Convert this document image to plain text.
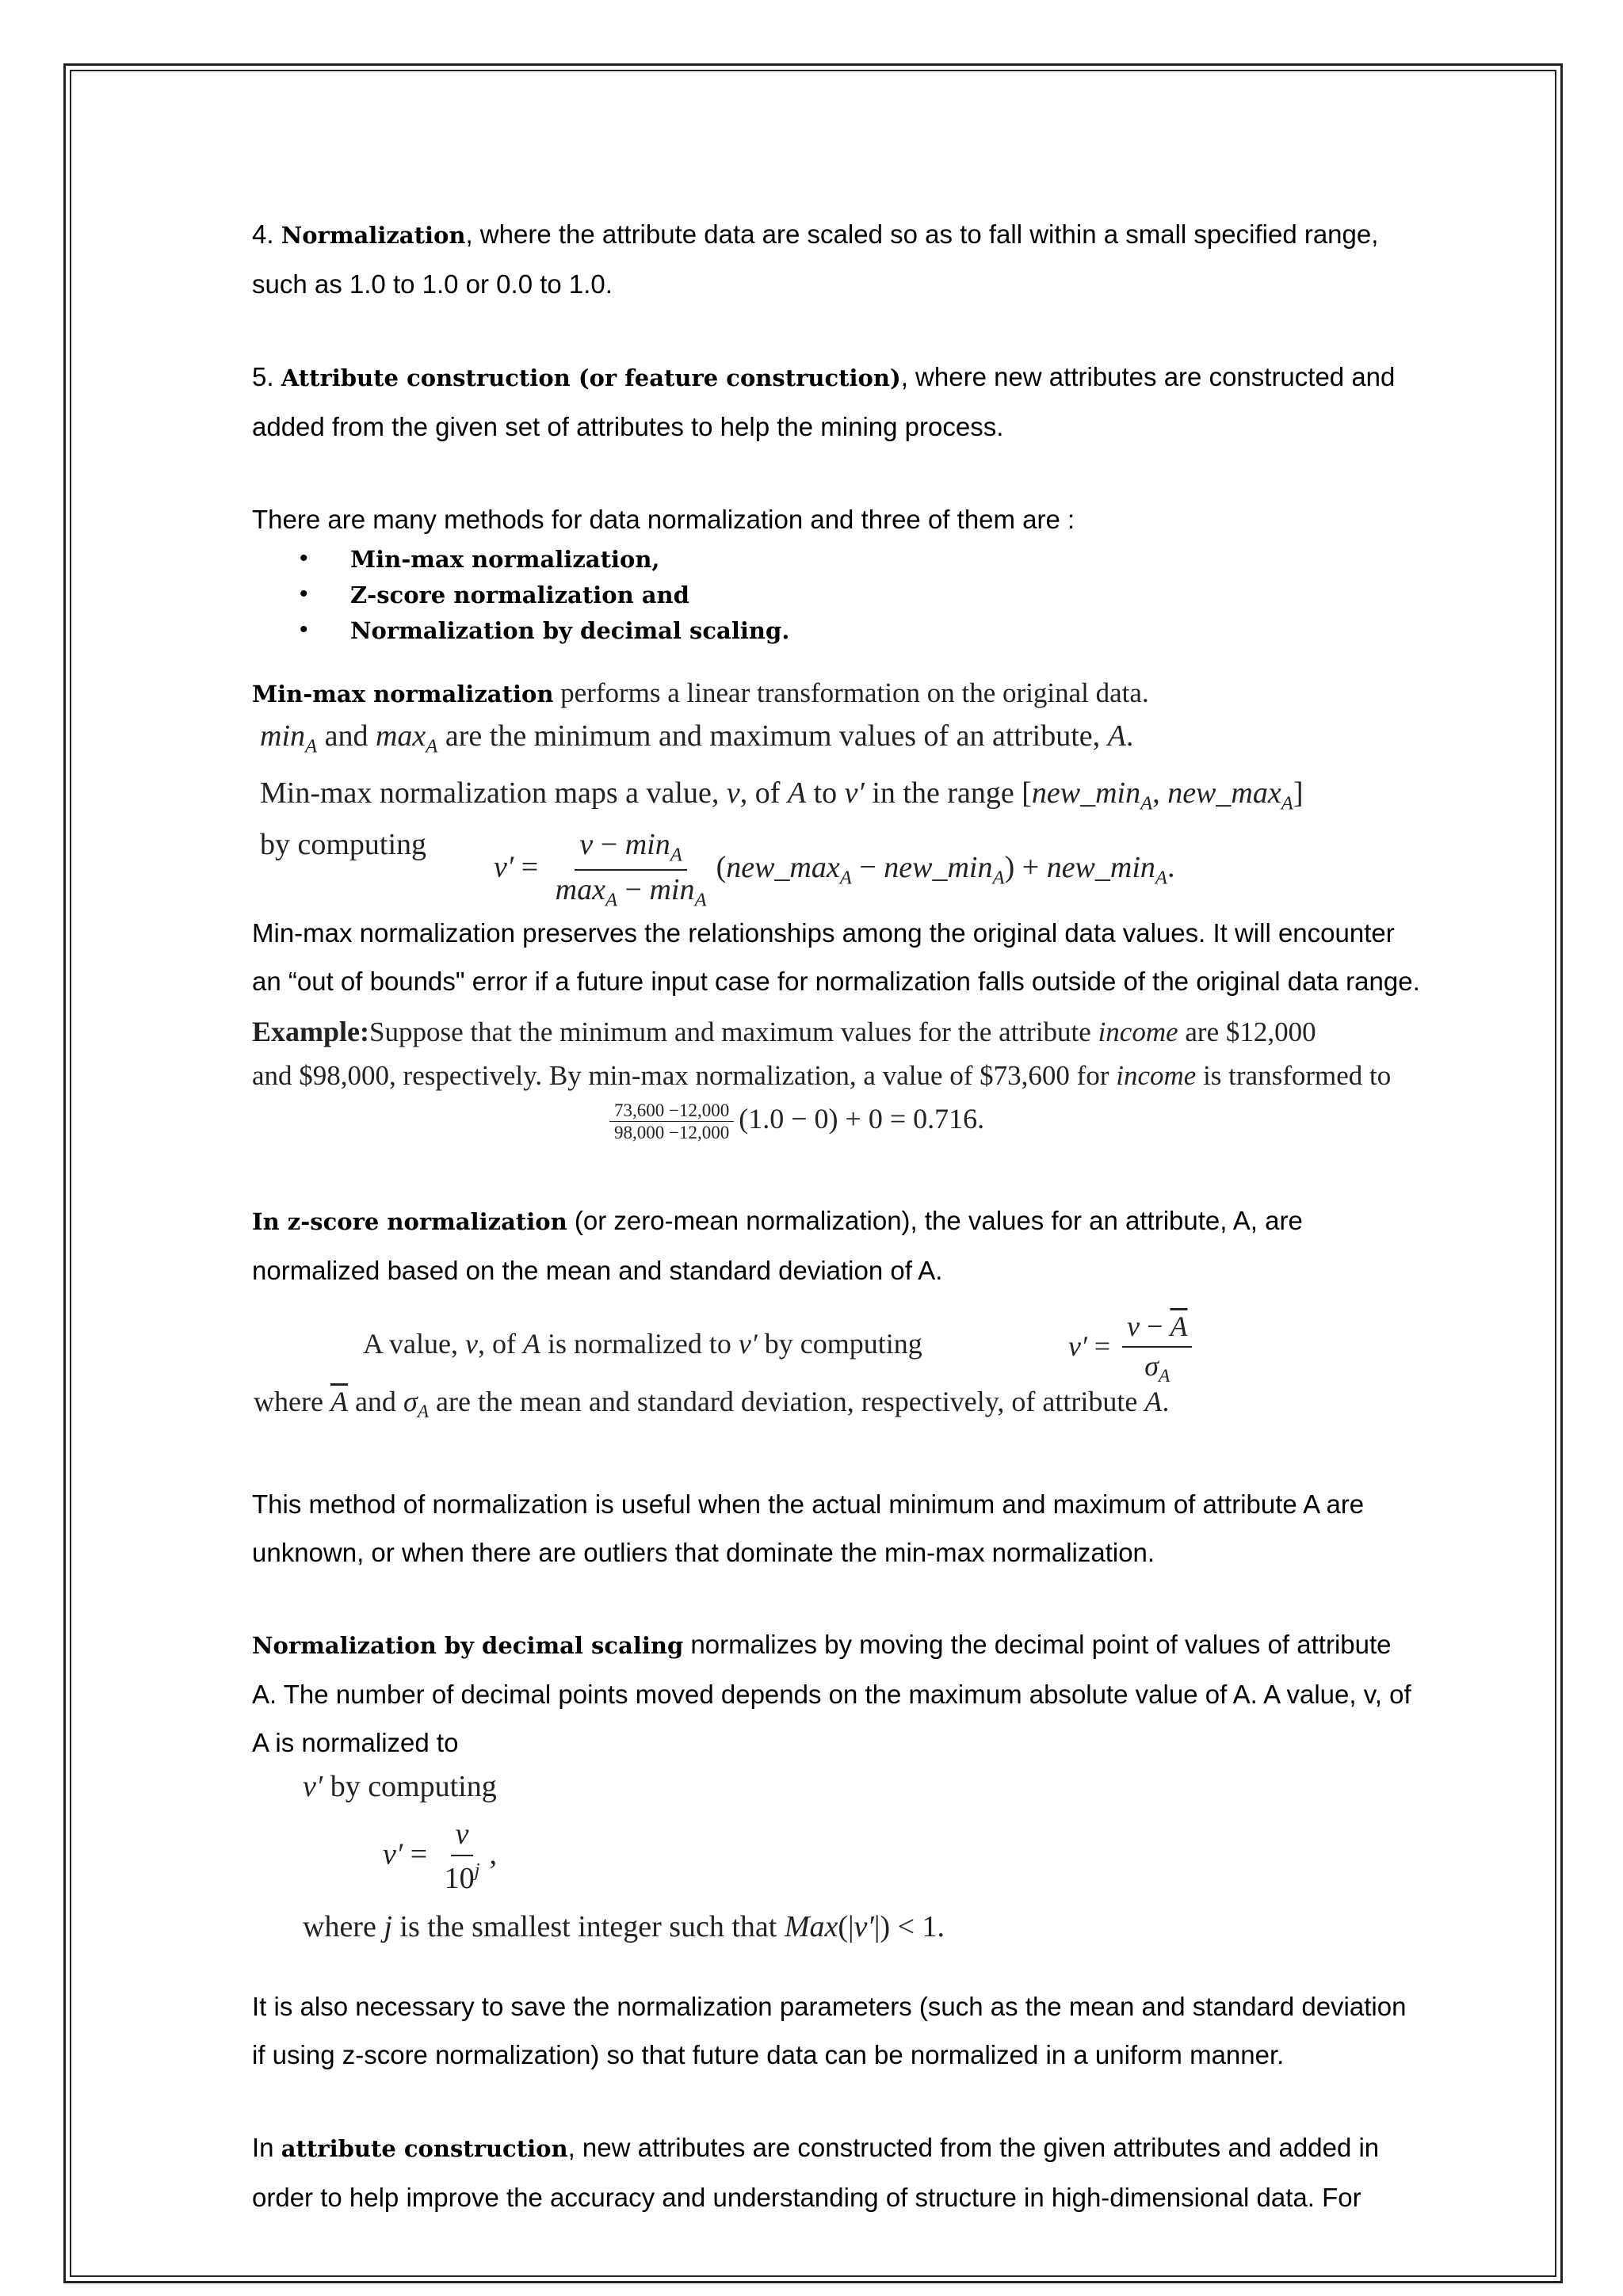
4. Normalization, where the attribute data are scaled so as to fall within a small specified range,

such as 1.0 to 1.0 or 0.0 to 1.0.

5. Attribute construction (or feature construction), where new attributes are constructed and

added from the given set of attributes to help the mining process.

There are many methods for data normalization and three of them are :

• Min-max normalization,
• Z-score normalization and
• Normalization by decimal scaling.

Min-max normalization performs a linear transformation on the original data.

$\min_A$ and $\max_A$ are the minimum and maximum values of an attribute, A.
Min-max normalization maps a value, v, of A to v′ in the range [$new\_\min_A$, $new\_\max_A$]
by computing
$v' = \frac{v - \min_A}{\max_A - \min_A}$ ($new\_\max_A$ − $new\_\min_A$) + $new\_\min_A$.

Min-max normalization preserves the relationships among the original data values. It will encounter

an “out of bounds" error if a future input case for normalization falls outside of the original data range.

Example:Suppose that the minimum and maximum values for the attribute income are $12,000
and $98,000, respectively. By min-max normalization, a value of $73,600 for income is transformed to
$\frac{73,600 -12,000}{98,000 -12,000} (1.0 - 0) + 0 = 0.716$.

In z-score normalization (or zero-mean normalization), the values for an attribute, A, are

normalized based on the mean and standard deviation of A.

A value, v, of A is normalized to v′ by computing	$v' = \frac{v - \overline{A}}{\sigma_A}$
where $\overline{A}$ and $\sigma_A$ are the mean and standard deviation, respectively, of attribute A.

This method of normalization is useful when the actual minimum and maximum of attribute A are

unknown, or when there are outliers that dominate the min-max normalization.

Normalization by decimal scaling normalizes by moving the decimal point of values of attribute

A. The number of decimal points moved depends on the maximum absolute value of A. A value, v, of

A is normalized to

v′ by computing
$v' = \frac{v}{10^j}$ ,
where j is the smallest integer such that Max(|v′|) < 1.

It is also necessary to save the normalization parameters (such as the mean and standard deviation

if using z-score normalization) so that future data can be normalized in a uniform manner.

In attribute construction, new attributes are constructed from the given attributes and added in

order to help improve the accuracy and understanding of structure in high-dimensional data. For
